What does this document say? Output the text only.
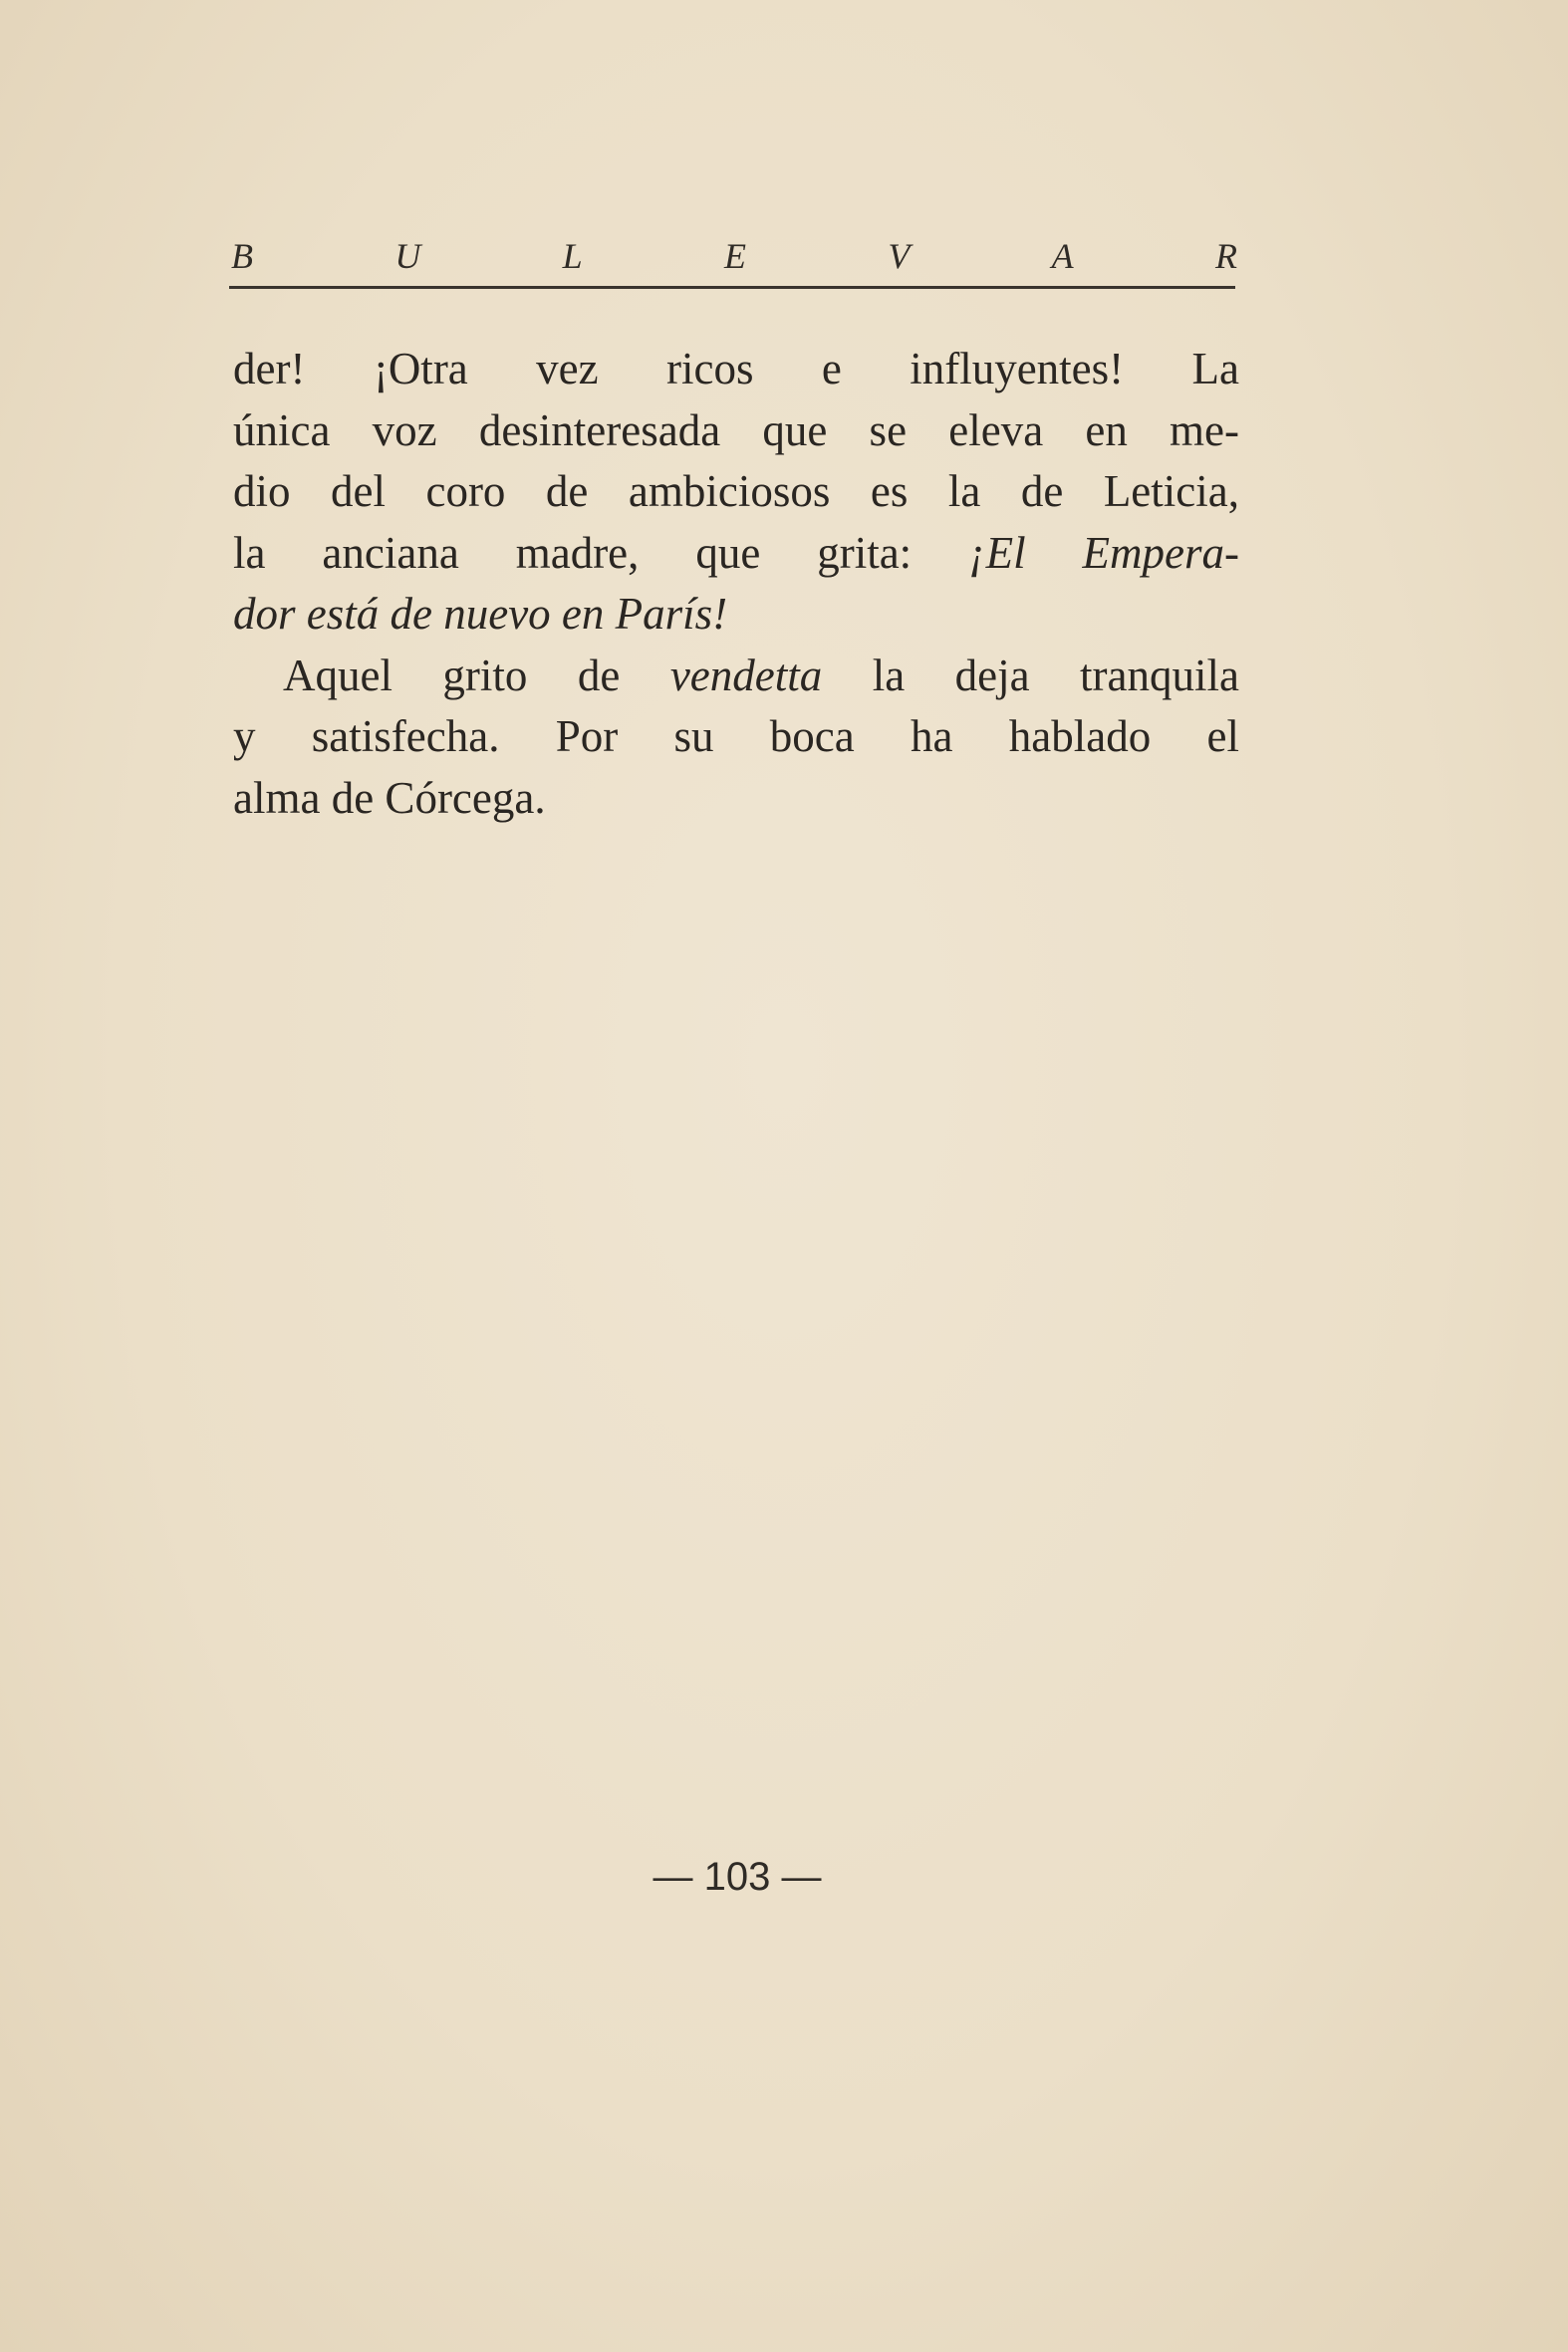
B	U	L	E	V	A	R
der! ¡Otra vez ricos e influyentes! La
única voz desinteresada que se eleva en me-
dio del coro de ambiciosos es la de Leticia,
la anciana madre, que grita: ¡El Empera-
dor está de nuevo en París!
Aquel grito de vendetta la deja tranquila
y satisfecha. Por su boca ha hablado el
alma de Córcega.
— 103 —
